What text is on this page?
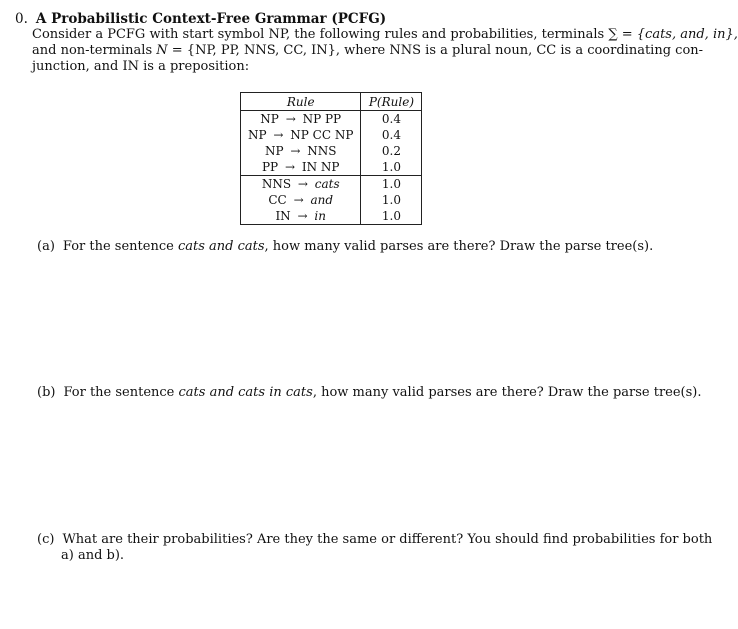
0. A Probabilistic Context-Free Grammar (PCFG)
Consider a PCFG with start symbol NP, the following rules and probabilities, terminals ∑ = {cats, and, in},
and non-terminals N = {NP, PP, NNS, CC, IN}, where NNS is a plural noun, CC is a coordinating con-
junction, and IN is a preposition:
Rule	P(Rule)
NP → NP PP	0.4
NP → NP CC NP	0.4
NP → NNS	0.2
PP → IN NP	1.0
NNS → cats	1.0
CC → and	1.0
IN → in	1.0
(a) For the sentence cats and cats, how many valid parses are there? Draw the parse tree(s).
(b) For the sentence cats and cats in cats, how many valid parses are there? Draw the parse tree(s).
(c) What are their probabilities? Are they the same or different? You should find probabilities for both
a) and b).
